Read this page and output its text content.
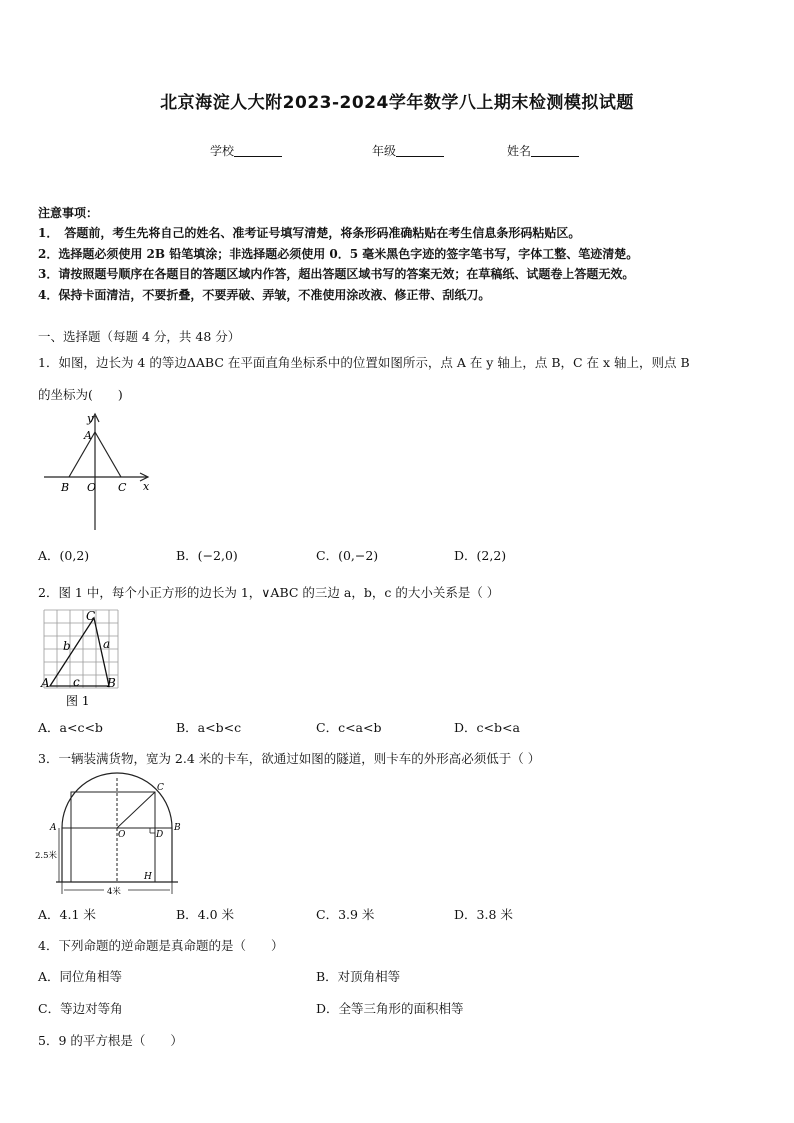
北京海淀人大附2023-2024学年数学八上期末检测模拟试题
学校	年级	姓名
注意事项：
1．　答题前，考生先将自己的姓名、准考证号填写清楚，将条形码准确粘贴在考生信息条形码粘贴区。
2．选择题必须使用 2B 铅笔填涂；非选择题必须使用 0．5 毫米黑色字迹的签字笔书写，字体工整、笔迹清楚。
3．请按照题号顺序在各题目的答题区域内作答，超出答题区域书写的答案无效；在草稿纸、试题卷上答题无效。
4．保持卡面清洁，不要折叠，不要弄破、弄皱，不准使用涂改液、修正带、刮纸刀。
一、选择题（每题 4 分，共 48 分）
1．如图，边长为 4 的等边ΔABC 在平面直角坐标系中的位置如图所示，点 A 在 y 轴上，点 B，C 在 x 轴上，则点 B
的坐标为(　　)
y
A
B O C x
A．(0,2)	B．(−2,0)	C．(0,−2)	D．(2,2)
2．图 1 中，每个小正方形的边长为 1，∨ABC 的三边 a，b，c 的大小关系是（ ）
C
A	B
b	a
c
图 1
A．a<c<b	B．a<b<c	C．c<a<b	D．c<b<a
3．一辆装满货物，宽为 2.4 米的卡车，欲通过如图的隧道，则卡车的外形高必须低于（ ）
A	B
C
O	D
H
2.5米
4米
A．4.1 米	B．4.0 米	C．3.9 米	D．3.8 米
4．下列命题的逆命题是真命题的是（　　）
A．同位角相等	B．对顶角相等
C．等边对等角	D．全等三角形的面积相等
5．9 的平方根是（　　）
